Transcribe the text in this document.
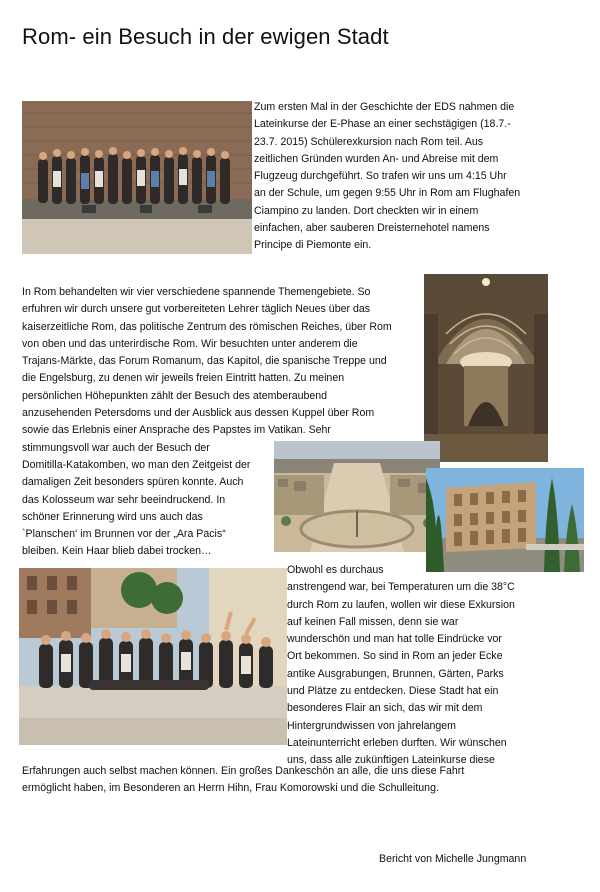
Rom- ein Besuch in der ewigen Stadt
Zum ersten Mal in der Geschichte der EDS nahmen die
Lateinkurse der E-Phase an einer sechstägigen (18.7.-
23.7. 2015) Schülerexkursion nach Rom teil. Aus
zeitlichen Gründen wurden An- und Abreise mit dem
Flugzeug durchgeführt. So trafen wir uns um 4:15 Uhr
an der Schule, um gegen 9:55 Uhr in Rom am Flughafen
Ciampino zu landen. Dort checkten wir in einem
einfachen, aber sauberen Dreisternehotel namens
Principe di Piemonte ein.
In Rom behandelten wir vier verschiedene spannende Themengebiete. So
erfuhren wir durch unsere gut vorbereiteten Lehrer täglich Neues über das
kaiserzeitliche Rom, das politische Zentrum des römischen Reiches, über Rom
von oben und das unterirdische Rom. Wir besuchten unter anderem die
Trajans-Märkte, das Forum Romanum, das Kapitol, die spanische Treppe und
die Engelsburg, zu denen wir jeweils freien Eintritt hatten. Zu meinen
persönlichen Höhepunkten zählt der Besuch des atemberaubend
anzusehenden Petersdoms und der Ausblick aus dessen Kuppel über Rom
sowie das Erlebnis einer Ansprache des Papstes im Vatikan. Sehr
stimmungsvoll war auch der Besuch der
Domitilla-Katakomben, wo man den Zeitgeist der
damaligen Zeit besonders spüren konnte. Auch
das Kolosseum war sehr beeindruckend. In
schöner Erinnerung wird uns auch das
`Planschen‘ im Brunnen vor der „Ara Pacis“
bleiben. Kein Haar blieb dabei trocken…
Obwohl es durchaus
anstrengend war, bei Temperaturen um die 38°C
durch Rom zu laufen, wollen wir diese Exkursion
auf keinen Fall missen, denn sie war
wunderschön und man hat tolle Eindrücke vor
Ort bekommen. So sind in Rom an jeder Ecke
antike Ausgrabungen, Brunnen, Gärten, Parks
und Plätze zu entdecken. Diese Stadt hat ein
besonderes Flair an sich, das wir mit dem
Hintergrundwissen von jahrelangem
Lateinunterricht erleben durften. Wir wünschen
uns, dass alle zukünftigen Lateinkurse diese
Erfahrungen auch selbst machen können. Ein großes Dankeschön an alle, die uns diese Fahrt
ermöglicht haben, im Besonderen an Herrn Hihn, Frau Komorowski und die Schulleitung.
Bericht von Michelle Jungmann
